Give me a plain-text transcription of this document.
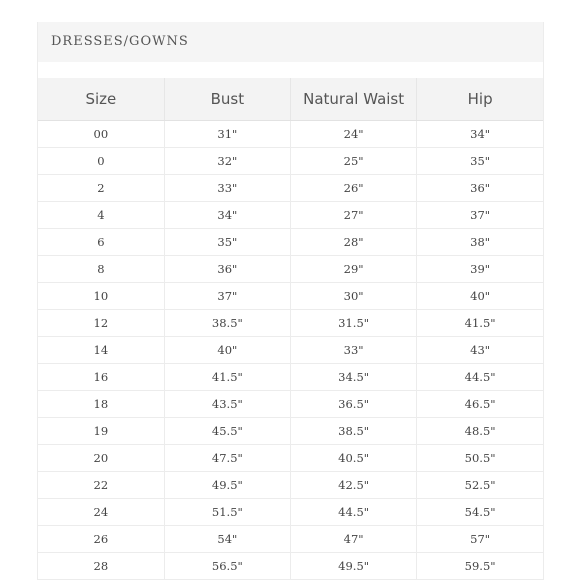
DRESSES/GOWNS
Size	Bust	Natural Waist	Hip
00	31"	24"	34"
0	32"	25"	35"
2	33"	26"	36"
4	34"	27"	37"
6	35"	28"	38"
8	36"	29"	39"
10	37"	30"	40"
12	38.5"	31.5"	41.5"
14	40"	33"	43"
16	41.5"	34.5"	44.5"
18	43.5"	36.5"	46.5"
19	45.5"	38.5"	48.5"
20	47.5"	40.5"	50.5"
22	49.5"	42.5"	52.5"
24	51.5"	44.5"	54.5"
26	54"	47"	57"
28	56.5"	49.5"	59.5"
